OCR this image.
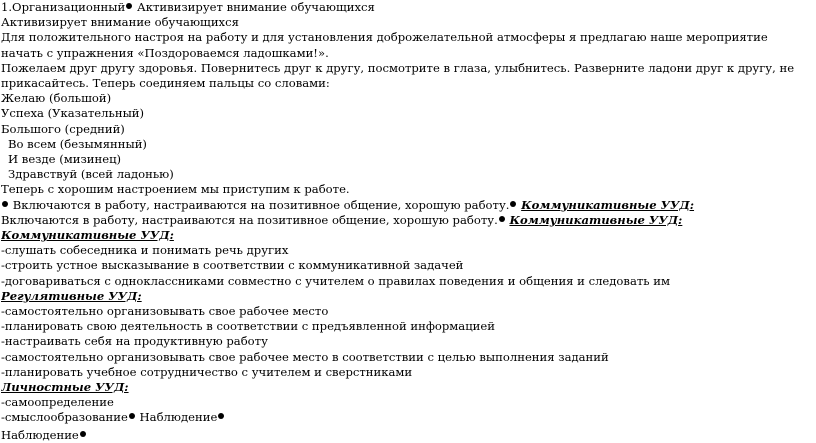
1.Организационный Активизирует внимание обучающихся
Активизирует внимание обучающихся
Для положительного настроя на работу и для установления доброжелательной атмосферы я предлагаю наше мероприятие начать с упражнения «Поздороваемся ладошками!».
Пожелаем друг другу здоровья. Повернитесь друг к другу, посмотрите в глаза, улыбнитесь. Разверните ладони друг к другу, не прикасайтесь. Теперь соединяем пальцы со словами:
Желаю (большой)
Успеха (Указательный)
Большого (средний)
Во всем (безымянный)
И везде (мизинец)
Здравствуй (всей ладонью)
Теперь с хорошим настроением мы приступим к работе.
Включаются в работу, настраиваются на позитивное общение, хорошую работу. Коммуникативные УУД:
Включаются в работу, настраиваются на позитивное общение, хорошую работу. Коммуникативные УУД:
Коммуникативные УУД:
-слушать собеседника и понимать речь других
-строить устное высказывание в соответствии с коммуникативной задачей
-договариваться с одноклассниками совместно с учителем о правилах поведения и общения и следовать им
Регулятивные УУД:
-самостоятельно организовывать свое рабочее место
-планировать свою деятельность в соответствии с предъявленной информацией
-настраивать себя на продуктивную работу
-самостоятельно организовывать свое рабочее место в соответствии с целью выполнения заданий
-планировать учебное сотрудничество с учителем и сверстниками
Личностные УУД:
-самоопределение
-смыслообразование Наблюдение
Наблюдение
